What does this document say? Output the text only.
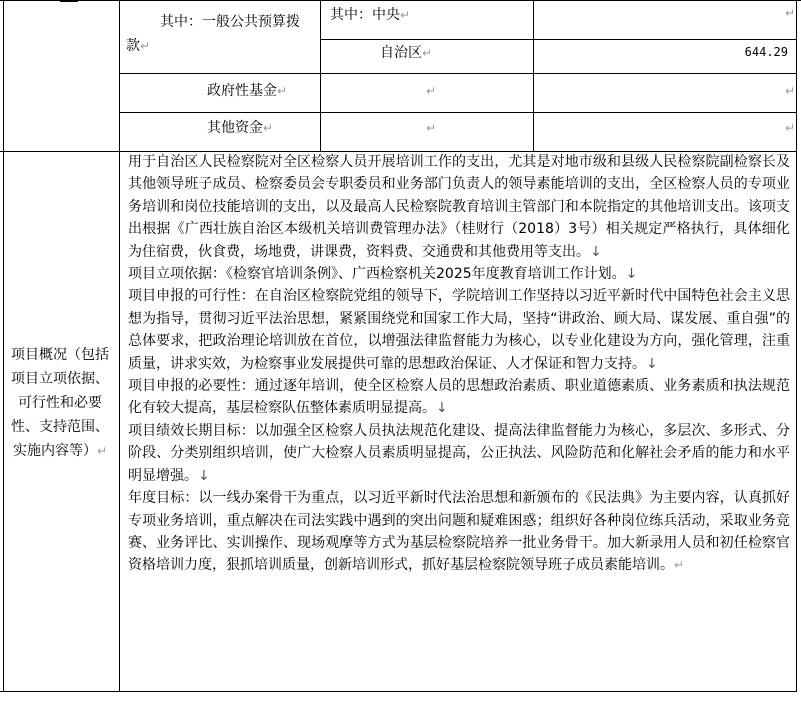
其中：一般公共预算拨
款↵
其中：中央↵	↵
自治区↵	644.29
政府性基金↵	↵	↵
其他资金↵	↵	↵
项目概况（包括项目立项依据、可行性和必要性、支持范围、实施内容等）↵

用于自治区人民检察院对全区检察人员开展培训工作的支出，尤其是对地市级和县级人民检察院副检察长及其他领导班子成员、检察委员会专职委员和业务部门负责人的领导素能培训的支出，全区检察人员的专项业务培训和岗位技能培训的支出，以及最高人民检察院教育培训主管部门和本院指定的其他培训支出。该项支出根据《广西壮族自治区本级机关培训费管理办法》（桂财行（2018）3号）相关规定严格执行，具体细化为住宿费，伙食费，场地费，讲课费，资料费、交通费和其他费用等支出。↓

项目立项依据：《检察官培训条例》、广西检察机关2025年度教育培训工作计划。↓

项目申报的可行性：在自治区检察院党组的领导下，学院培训工作坚持以习近平新时代中国特色社会主义思想为指导，贯彻习近平法治思想，紧紧围绕党和国家工作大局，坚持“讲政治、顾大局、谋发展、重自强”的总体要求，把政治理论培训放在首位，以增强法律监督能力为核心，以专业化建设为方向，强化管理，注重质量，讲求实效，为检察事业发展提供可靠的思想政治保证、人才保证和智力支持。↓

项目申报的必要性：通过逐年培训，使全区检察人员的思想政治素质、职业道德素质、业务素质和执法规范化有较大提高，基层检察队伍整体素质明显提高。↓

项目绩效长期目标：以加强全区检察人员执法规范化建设、提高法律监督能力为核心，多层次、多形式、分阶段、分类别组织培训，使广大检察人员素质明显提高，公正执法、风险防范和化解社会矛盾的能力和水平明显增强。↓

年度目标：以一线办案骨干为重点，以习近平新时代法治思想和新颁布的《民法典》为主要内容，认真抓好专项业务培训，重点解决在司法实践中遇到的突出问题和疑难困惑；组织好各种岗位练兵活动，采取业务竞赛、业务评比、实训操作、现场观摩等方式为基层检察院培养一批业务骨干。加大新录用人员和初任检察官资格培训力度，狠抓培训质量，创新培训形式，抓好基层检察院领导班子成员素能培训。↵
